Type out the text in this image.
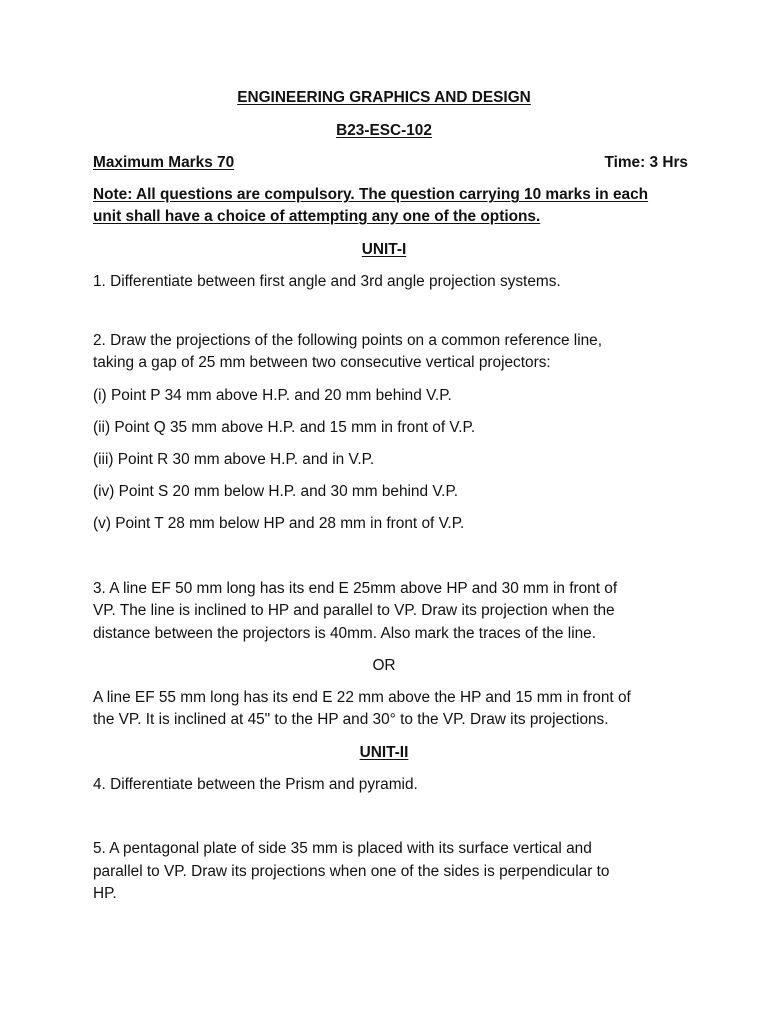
ENGINEERING GRAPHICS AND DESIGN
B23-ESC-102
Maximum Marks 70	Time: 3 Hrs
Note: All questions are compulsory. The question carrying 10 marks in each
unit shall have a choice of attempting any one of the options.
UNIT-I
1. Differentiate between first angle and 3rd angle projection systems.
2. Draw the projections of the following points on a common reference line,
taking a gap of 25 mm between two consecutive vertical projectors:
(i) Point P 34 mm above H.P. and 20 mm behind V.P.
(ii) Point Q 35 mm above H.P. and 15 mm in front of V.P.
(iii) Point R 30 mm above H.P. and in V.P.
(iv) Point S 20 mm below H.P. and 30 mm behind V.P.
(v) Point T 28 mm below HP and 28 mm in front of V.P.
3. A line EF 50 mm long has its end E 25mm above HP and 30 mm in front of
VP. The line is inclined to HP and parallel to VP. Draw its projection when the
distance between the projectors is 40mm. Also mark the traces of the line.
OR
A line EF 55 mm long has its end E 22 mm above the HP and 15 mm in front of
the VP. It is inclined at 45" to the HP and 30° to the VP. Draw its projections.
UNIT-II
4. Differentiate between the Prism and pyramid.
5. A pentagonal plate of side 35 mm is placed with its surface vertical and
parallel to VP. Draw its projections when one of the sides is perpendicular to
HP.
